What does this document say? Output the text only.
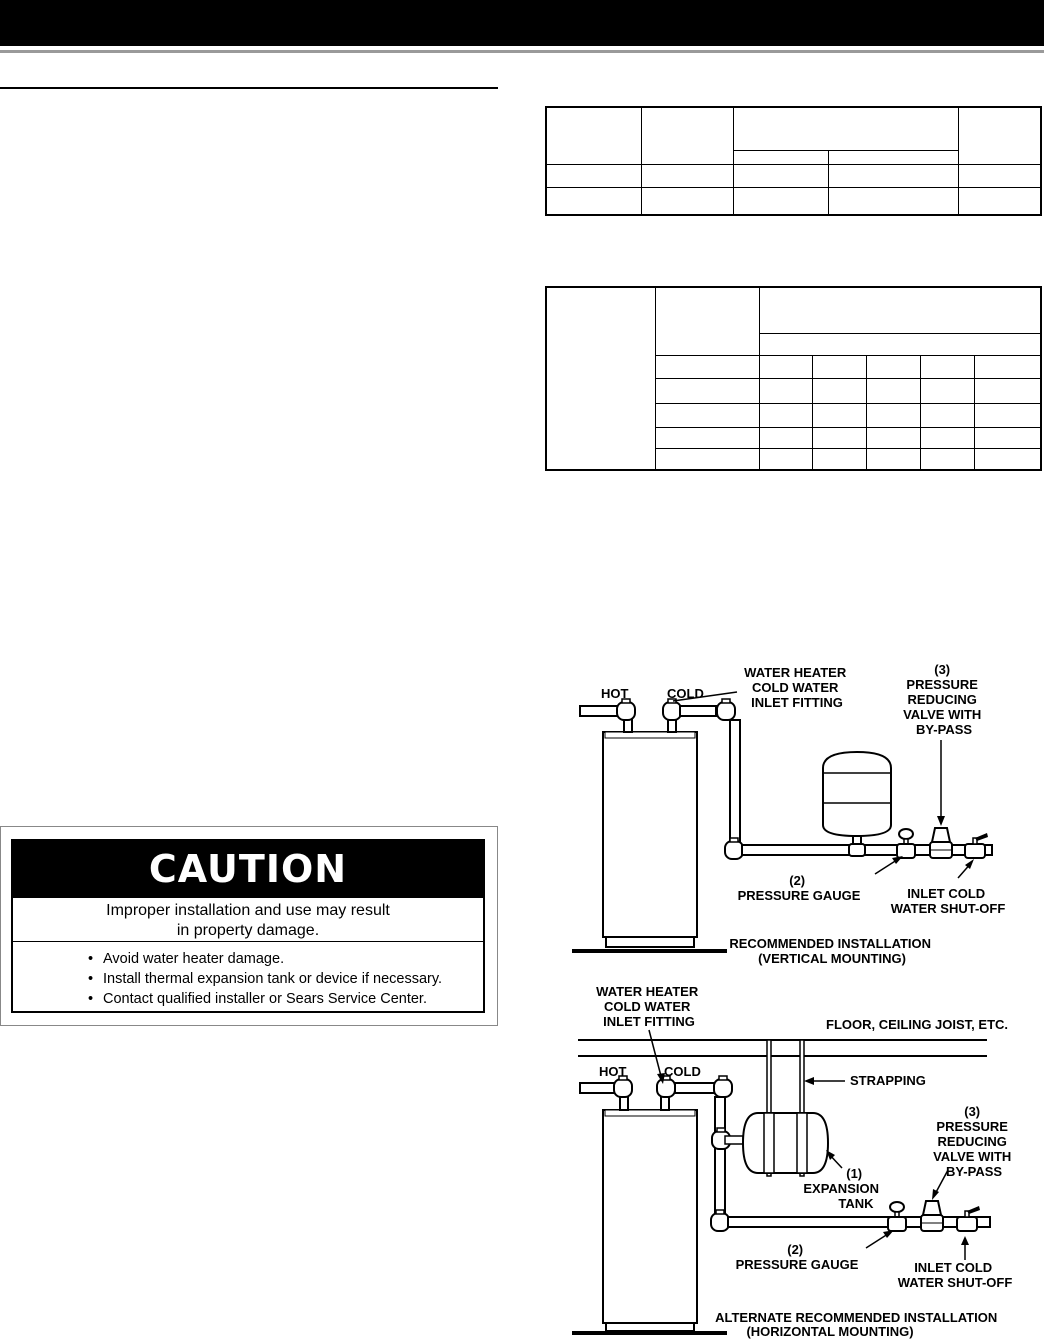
CAUTION
Improper installation and use may result
in property damage.
• Avoid water heater damage.
• Install thermal expansion tank or device if necessary.
• Contact qualified installer or Sears Service Center.
HOT	COLD
WATER HEATER COLD WATER INLET FITTING
(3) PRESSURE REDUCING VALVE WITH BY-PASS
(2) PRESSURE GAUGE	INLET COLD WATER SHUT-OFF
RECOMMENDED INSTALLATION (VERTICAL MOUNTING)
WATER HEATER COLD WATER INLET FITTING	FLOOR, CEILING JOIST, ETC.
HOT	COLD
STRAPPING
(3) PRESSURE REDUCING VALVE WITH BY-PASS
(1) EXPANSION TANK
(2) PRESSURE GAUGE	INLET COLD WATER SHUT-OFF
ALTERNATE RECOMMENDED INSTALLATION (HORIZONTAL MOUNTING)
